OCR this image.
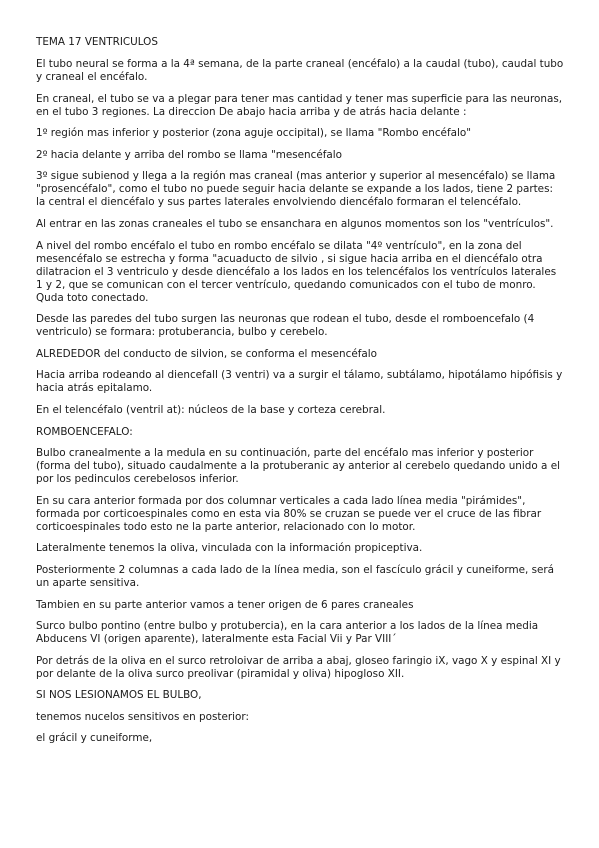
TEMA 17 VENTRICULOS

El tubo neural se forma a la 4ª semana, de la parte craneal (encéfalo) a la caudal (tubo), caudal tubo y craneal el encéfalo.

En craneal, el tubo se va a plegar para tener mas cantidad y tener mas superficie para las neuronas, en el tubo 3 regiones. La direccion De abajo hacia arriba y de atrás hacia delante :

1º región mas inferior y posterior (zona aguje occipital), se llama "Rombo encéfalo"

2º hacia delante y arriba del rombo se llama "mesencéfalo

3º sigue subienod y llega a la región mas craneal (mas anterior y superior al mesencéfalo) se llama "prosencéfalo", como el tubo no puede seguir hacia delante se expande a los lados, tiene 2 partes: la central el diencéfalo y sus partes laterales envolviendo diencéfalo formaran el telencéfalo.

Al entrar en las zonas craneales el tubo se ensanchara en algunos momentos son los "ventrículos".

A nivel del rombo encéfalo el tubo en rombo encéfalo se dilata "4º ventrículo", en la zona del mesencéfalo se estrecha y forma "acuaducto de silvio , si sigue hacia arriba en el diencéfalo otra dilatracion el 3 ventriculo y desde diencéfalo a los lados en los telencéfalos los ventrículos laterales 1 y 2, que se comunican con el tercer ventrículo, quedando comunicados con el tubo de monro. Quda toto conectado.

Desde las paredes del tubo surgen las neuronas que rodean el tubo, desde el romboencefalo (4 ventriculo) se formara: protuberancia, bulbo y cerebelo.

ALREDEDOR del conducto de silvion, se conforma el mesencéfalo

Hacia arriba rodeando al diencefall (3 ventri) va a surgir el tálamo, subtálamo, hipotálamo hipófisis y hacia atrás epitalamo.

En el telencéfalo (ventril at): núcleos de la base y corteza cerebral.

ROMBOENCEFALO:

Bulbo cranealmente a la medula en su continuación, parte del encéfalo mas inferior y posterior (forma del tubo), situado caudalmente a la protuberanic ay anterior al cerebelo quedando unido a el por los pedinculos cerebelosos inferior.

En su cara anterior formada por dos columnar verticales a cada lado línea media "pirámides", formada por corticoespinales como en esta via 80% se cruzan se puede ver el cruce de las fibrar corticoespinales todo esto ne la parte anterior, relacionado con lo motor.

Lateralmente tenemos la oliva, vinculada con la información propiceptiva.

Posteriormente 2 columnas a cada lado de la línea media, son el fascículo grácil y cuneiforme, será un aparte sensitiva.

Tambien en su parte anterior vamos a tener origen de 6 pares craneales

Surco bulbo pontino (entre bulbo y protubercia), en la cara anterior a los lados de la línea media Abducens VI (origen aparente), lateralmente esta Facial Vii y Par VIII´

Por detrás de la oliva en el surco retroloivar de arriba a abaj, gloseo faringio iX, vago X y espinal XI y por delante de la oliva surco preolivar (piramidal y oliva) hipogloso XII.

SI NOS LESIONAMOS EL BULBO,

tenemos nucelos sensitivos en posterior:

el grácil y cuneiforme,
